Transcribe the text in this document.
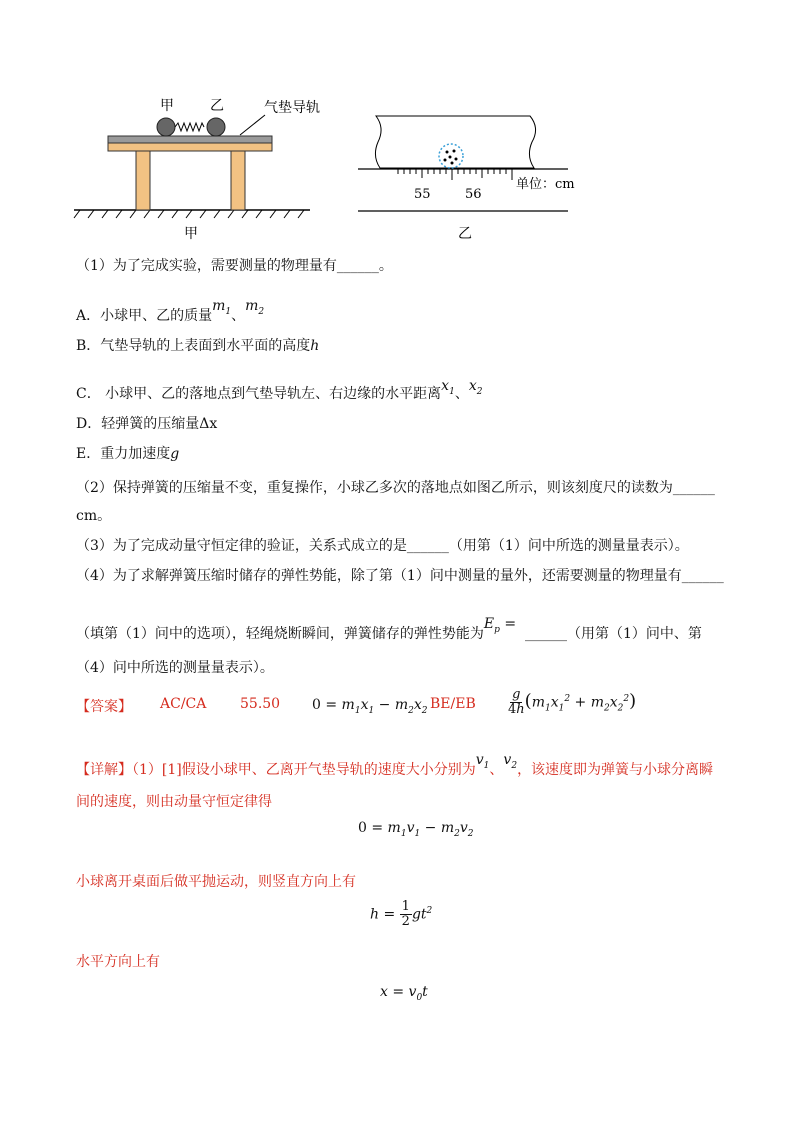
甲	乙	气垫导轨
甲
55	56
单位：cm
乙
（1）为了完成实验，需要测量的物理量有______。
A．小球甲、乙的质量$m_1$、$m_2$
B．气垫导轨的上表面到水平面的高度h
C． 小球甲、乙的落地点到气垫导轨左、右边缘的水平距离$x_1$、$x_2$
D．轻弹簧的压缩量Δx
E．重力加速度g
（2）保持弹簧的压缩量不变，重复操作，小球乙多次的落地点如图乙所示，则该刻度尺的读数为______
cm。
（3）为了完成动量守恒定律的验证，关系式成立的是______（用第（1）问中所选的测量量表示）。
（4）为了求解弹簧压缩时储存的弹性势能，除了第（1）问中测量的量外，还需要测量的物理量有______
（填第（1）问中的选项），轻绳烧断瞬间，弹簧储存的弹性势能为$E_p$ =  ______（用第（1）问中、第
（4）问中所选的测量量表示）。
【答案】 AC/CA 55.50 $0 = m_1x_1 - m_2x_2$ $BE/EB \frac{g}{4h} (m_1x_1^2 + m_2x_2^2)$
【详解】（1）[1]假设小球甲、乙离开气垫导轨的速度大小分别为$v_1$、$v_2$，该速度即为弹簧与小球分离瞬
间的速度，则由动量守恒定律得
$0 = m_1v_1 - m_2v_2$
小球离开桌面后做平抛运动，则竖直方向上有
$h = \frac{1}{2} gt^2$
水平方向上有
$x = v_0t$
